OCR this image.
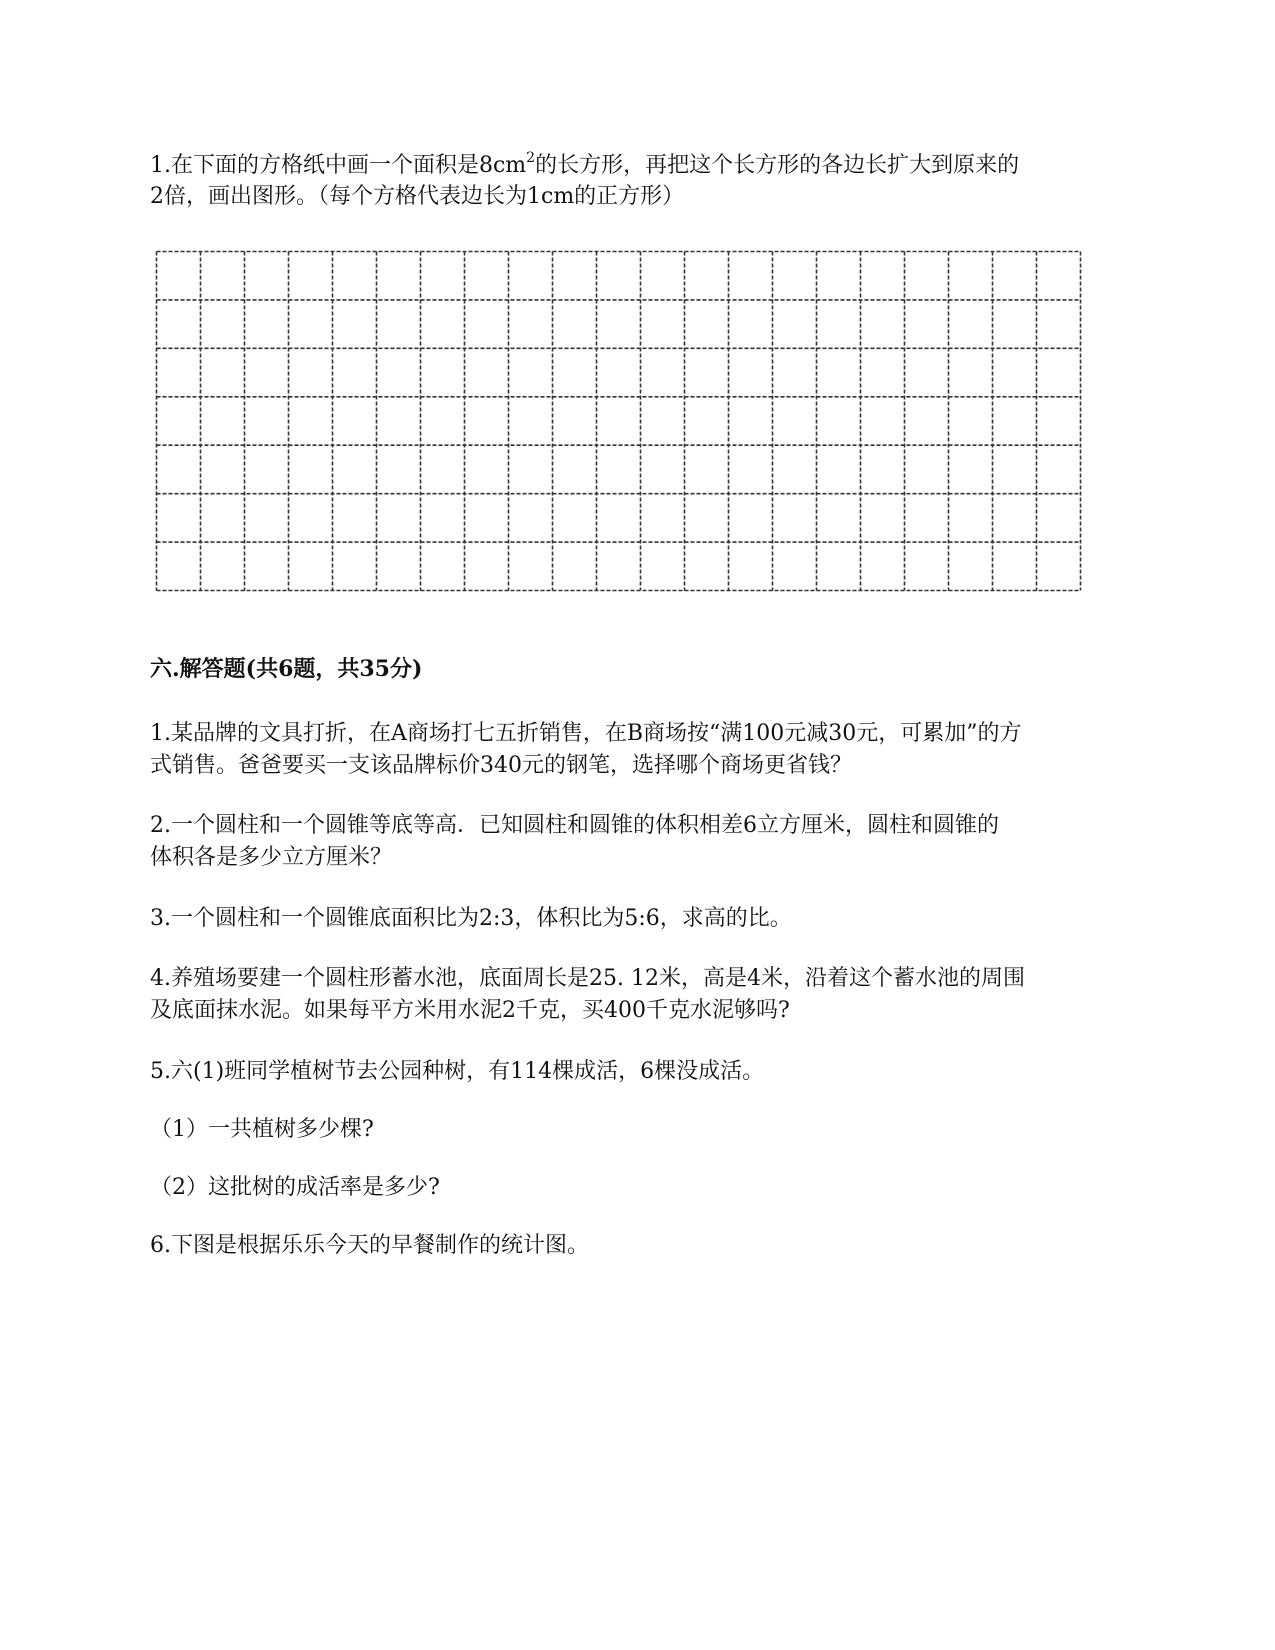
1.在下面的方格纸中画一个面积是$8cm^2$的长方形，再把这个长方形的各边长扩大到原来的
2倍，画出图形。（每个方格代表边长为1cm的正方形）
六.解答题(共6题，共35分)
1.某品牌的文具打折，在A商场打七五折销售，在B商场按“满100元减30元，可累加”的方
式销售。爸爸要买一支该品牌标价340元的钢笔，选择哪个商场更省钱？
2.一个圆柱和一个圆锥等底等高．已知圆柱和圆锥的体积相差6立方厘米，圆柱和圆锥的
体积各是多少立方厘米？
3.一个圆柱和一个圆锥底面积比为2:3，体积比为5:6，求高的比。
4.养殖场要建一个圆柱形蓄水池，底面周长是25. 12米，高是4米，沿着这个蓄水池的周围
及底面抹水泥。如果每平方米用水泥2千克，买400千克水泥够吗?
5.六(1)班同学植树节去公园种树，有114棵成活，6棵没成活。
（1）一共植树多少棵?
（2）这批树的成活率是多少?
6.下图是根据乐乐今天的早餐制作的统计图。
